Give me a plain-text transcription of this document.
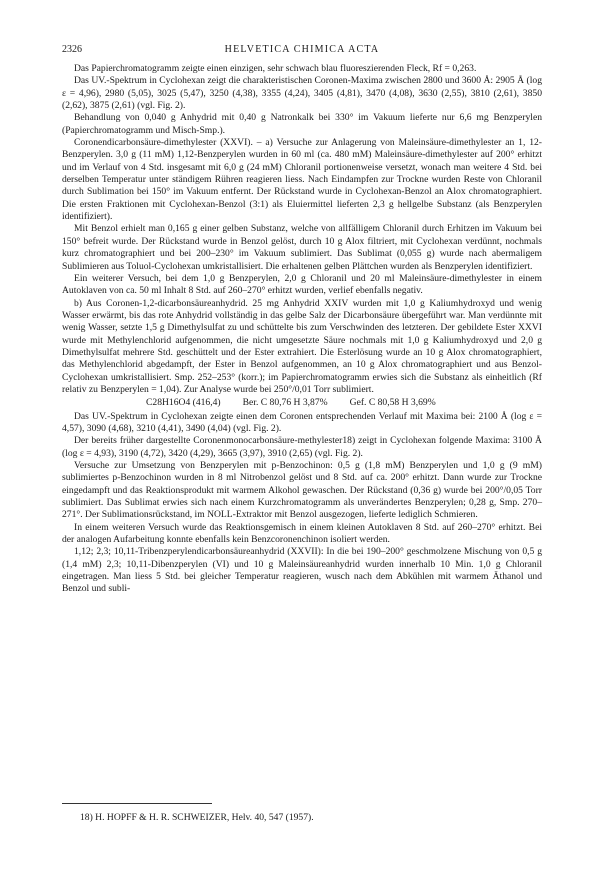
2326	HELVETICA CHIMICA ACTA

Das Papierchromatogramm zeigte einen einzigen, sehr schwach blau fluoreszierenden Fleck, Rf = 0,263.

Das UV.-Spektrum in Cyclohexan zeigt die charakteristischen Coronen-Maxima zwischen 2800 und 3600 Å: 2905 Å (log ε = 4,96), 2980 (5,05), 3025 (5,47), 3250 (4,38), 3355 (4,24), 3405 (4,81), 3470 (4,08), 3630 (2,55), 3810 (2,61), 3850 (2,62), 3875 (2,61) (vgl. Fig. 2).

Behandlung von 0,040 g Anhydrid mit 0,40 g Natronkalk bei 330° im Vakuum lieferte nur 6,6 mg Benzperylen (Papierchromatogramm und Misch-Smp.).

Coronendicarbonsäure-dimethylester (XXVI). – a) Versuche zur Anlagerung von Maleinsäure-dimethylester an 1, 12-Benzperylen. 3,0 g (11 mM) 1,12-Benzperylen wurden in 60 ml (ca. 480 mM) Maleinsäure-dimethylester auf 200° erhitzt und im Verlauf von 4 Std. insgesamt mit 6,0 g (24 mM) Chloranil portionenweise versetzt, wonach man weitere 4 Std. bei derselben Temperatur unter ständigem Rühren reagieren liess. Nach Eindampfen zur Trockne wurden Reste von Chloranil durch Sublimation bei 150° im Vakuum entfernt. Der Rückstand wurde in Cyclohexan-Benzol an Alox chromatographiert. Die ersten Fraktionen mit Cyclohexan-Benzol (3:1) als Eluiermittel lieferten 2,3 g hellgelbe Substanz (als Benzperylen identifiziert).

Mit Benzol erhielt man 0,165 g einer gelben Substanz, welche von allfälligem Chloranil durch Erhitzen im Vakuum bei 150° befreit wurde. Der Rückstand wurde in Benzol gelöst, durch 10 g Alox filtriert, mit Cyclohexan verdünnt, nochmals kurz chromatographiert und bei 200–230° im Vakuum sublimiert. Das Sublimat (0,055 g) wurde nach abermaligem Sublimieren aus Toluol-Cyclohexan umkristallisiert. Die erhaltenen gelben Plättchen wurden als Benzperylen identifiziert.

Ein weiterer Versuch, bei dem 1,0 g Benzperylen, 2,0 g Chloranil und 20 ml Maleinsäure-dimethylester in einem Autoklaven von ca. 50 ml Inhalt 8 Std. auf 260–270° erhitzt wurden, verlief ebenfalls negativ.

b) Aus Coronen-1,2-dicarbonsäureanhydrid. 25 mg Anhydrid XXIV wurden mit 1,0 g Kaliumhydroxyd und wenig Wasser erwärmt, bis das rote Anhydrid vollständig in das gelbe Salz der Dicarbonsäure übergeführt war. Man verdünnte mit wenig Wasser, setzte 1,5 g Dimethylsulfat zu und schüttelte bis zum Verschwinden des letzteren. Der gebildete Ester XXVI wurde mit Methylenchlorid aufgenommen, die nicht umgesetzte Säure nochmals mit 1,0 g Kaliumhydroxyd und 2,0 g Dimethylsulfat mehrere Std. geschüttelt und der Ester extrahiert. Die Esterlösung wurde an 10 g Alox chromatographiert, das Methylenchlorid abgedampft, der Ester in Benzol aufgenommen, an 10 g Alox chromatographiert und aus Benzol-Cyclohexan umkristallisiert. Smp. 252–253° (korr.); im Papierchromatogramm erwies sich die Substanz als einheitlich (Rf relativ zu Benzperylen = 1,04). Zur Analyse wurde bei 250°/0,01 Torr sublimiert.

C28H16O4 (416,4) Ber. C 80,76 H 3,87% Gef. C 80,58 H 3,69%

Das UV.-Spektrum in Cyclohexan zeigte einen dem Coronen entsprechenden Verlauf mit Maxima bei: 2100 Å (log ε = 4,57), 3090 (4,68), 3210 (4,41), 3490 (4,04) (vgl. Fig. 2).

Der bereits früher dargestellte Coronenmonocarbonsäure-methylester18) zeigt in Cyclohexan folgende Maxima: 3100 Å (log ε = 4,93), 3190 (4,72), 3420 (4,29), 3665 (3,97), 3910 (2,65) (vgl. Fig. 2).

Versuche zur Umsetzung von Benzperylen mit p-Benzochinon: 0,5 g (1,8 mM) Benzperylen und 1,0 g (9 mM) sublimiertes p-Benzochinon wurden in 8 ml Nitrobenzol gelöst und 8 Std. auf ca. 200° erhitzt. Dann wurde zur Trockne eingedampft und das Reaktionsprodukt mit warmem Alkohol gewaschen. Der Rückstand (0,36 g) wurde bei 200°/0,05 Torr sublimiert. Das Sublimat erwies sich nach einem Kurzchromatogramm als unverändertes Benzperylen; 0,28 g, Smp. 270–271°. Der Sublimationsrückstand, im NOLL-Extraktor mit Benzol ausgezogen, lieferte lediglich Schmieren.

In einem weiteren Versuch wurde das Reaktionsgemisch in einem kleinen Autoklaven 8 Std. auf 260–270° erhitzt. Bei der analogen Aufarbeitung konnte ebenfalls kein Benzcoronenchinon isoliert werden.

1,12; 2,3; 10,11-Tribenzperylendicarbonsäureanhydrid (XXVII): In die bei 190–200° geschmolzene Mischung von 0,5 g (1,4 mM) 2,3; 10,11-Dibenzperylen (VI) und 10 g Maleinsäureanhydrid wurden innerhalb 10 Min. 1,0 g Chloranil eingetragen. Man liess 5 Std. bei gleicher Temperatur reagieren, wusch nach dem Abkühlen mit warmem Äthanol und Benzol und subli-

18) H. HOPFF & H. R. SCHWEIZER, Helv. 40, 547 (1957).
